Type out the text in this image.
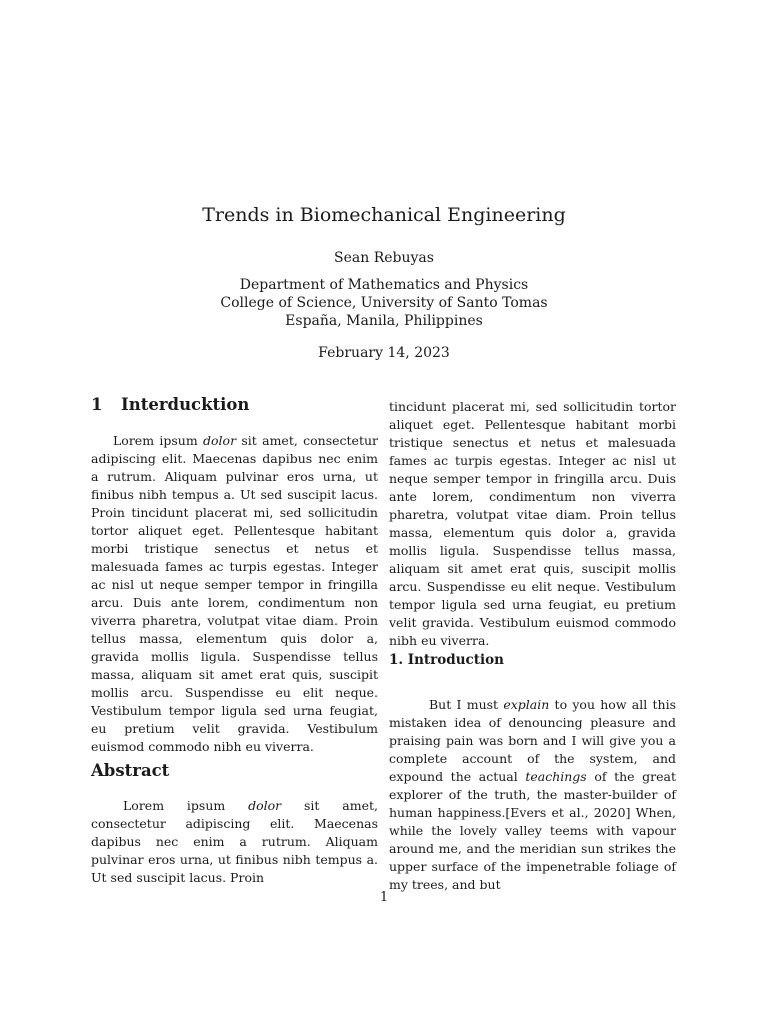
Trends in Biomechanical Engineering
Sean Rebuyas
Department of Mathematics and Physics
College of Science, University of Santo Tomas
España, Manila, Philippines
February 14, 2023
1 Interducktion
Lorem ipsum dolor sit amet, consectetur adipiscing elit. Maecenas dapibus nec enim a rutrum. Aliquam pulvinar eros urna, ut finibus nibh tempus a. Ut sed suscipit lacus. Proin tincidunt placerat mi, sed sollicitudin tortor aliquet eget. Pellentesque habitant morbi tristique senectus et netus et malesuada fames ac turpis egestas. Integer ac nisl ut neque semper tempor in fringilla arcu. Duis ante lorem, condimentum non viverra pharetra, volutpat vitae diam. Proin tellus massa, elementum quis dolor a, gravida mollis ligula. Suspendisse tellus massa, aliquam sit amet erat quis, suscipit mollis arcu. Suspendisse eu elit neque. Vestibulum tempor ligula sed urna feugiat, eu pretium velit gravida. Vestibulum euismod commodo nibh eu viverra.
Abstract
Lorem ipsum dolor sit amet, consectetur adipiscing elit. Maecenas dapibus nec enim a rutrum. Aliquam pulvinar eros urna, ut finibus nibh tempus a. Ut sed suscipit lacus. Proin
tincidunt placerat mi, sed sollicitudin tortor aliquet eget. Pellentesque habitant morbi tristique senectus et netus et malesuada fames ac turpis egestas. Integer ac nisl ut neque semper tempor in fringilla arcu. Duis ante lorem, condimentum non viverra pharetra, volutpat vitae diam. Proin tellus massa, elementum quis dolor a, gravida mollis ligula. Suspendisse tellus massa, aliquam sit amet erat quis, suscipit mollis arcu. Suspendisse eu elit neque. Vestibulum tempor ligula sed urna feugiat, eu pretium velit gravida. Vestibulum euismod commodo nibh eu viverra.
1. Introduction
But I must explain to you how all this mistaken idea of denouncing pleasure and praising pain was born and I will give you a complete account of the system, and expound the actual teachings of the great explorer of the truth, the master-builder of human happiness.[Evers et al., 2020] When, while the lovely valley teems with vapour around me, and the meridian sun strikes the upper surface of the impenetrable foliage of my trees, and but
1
